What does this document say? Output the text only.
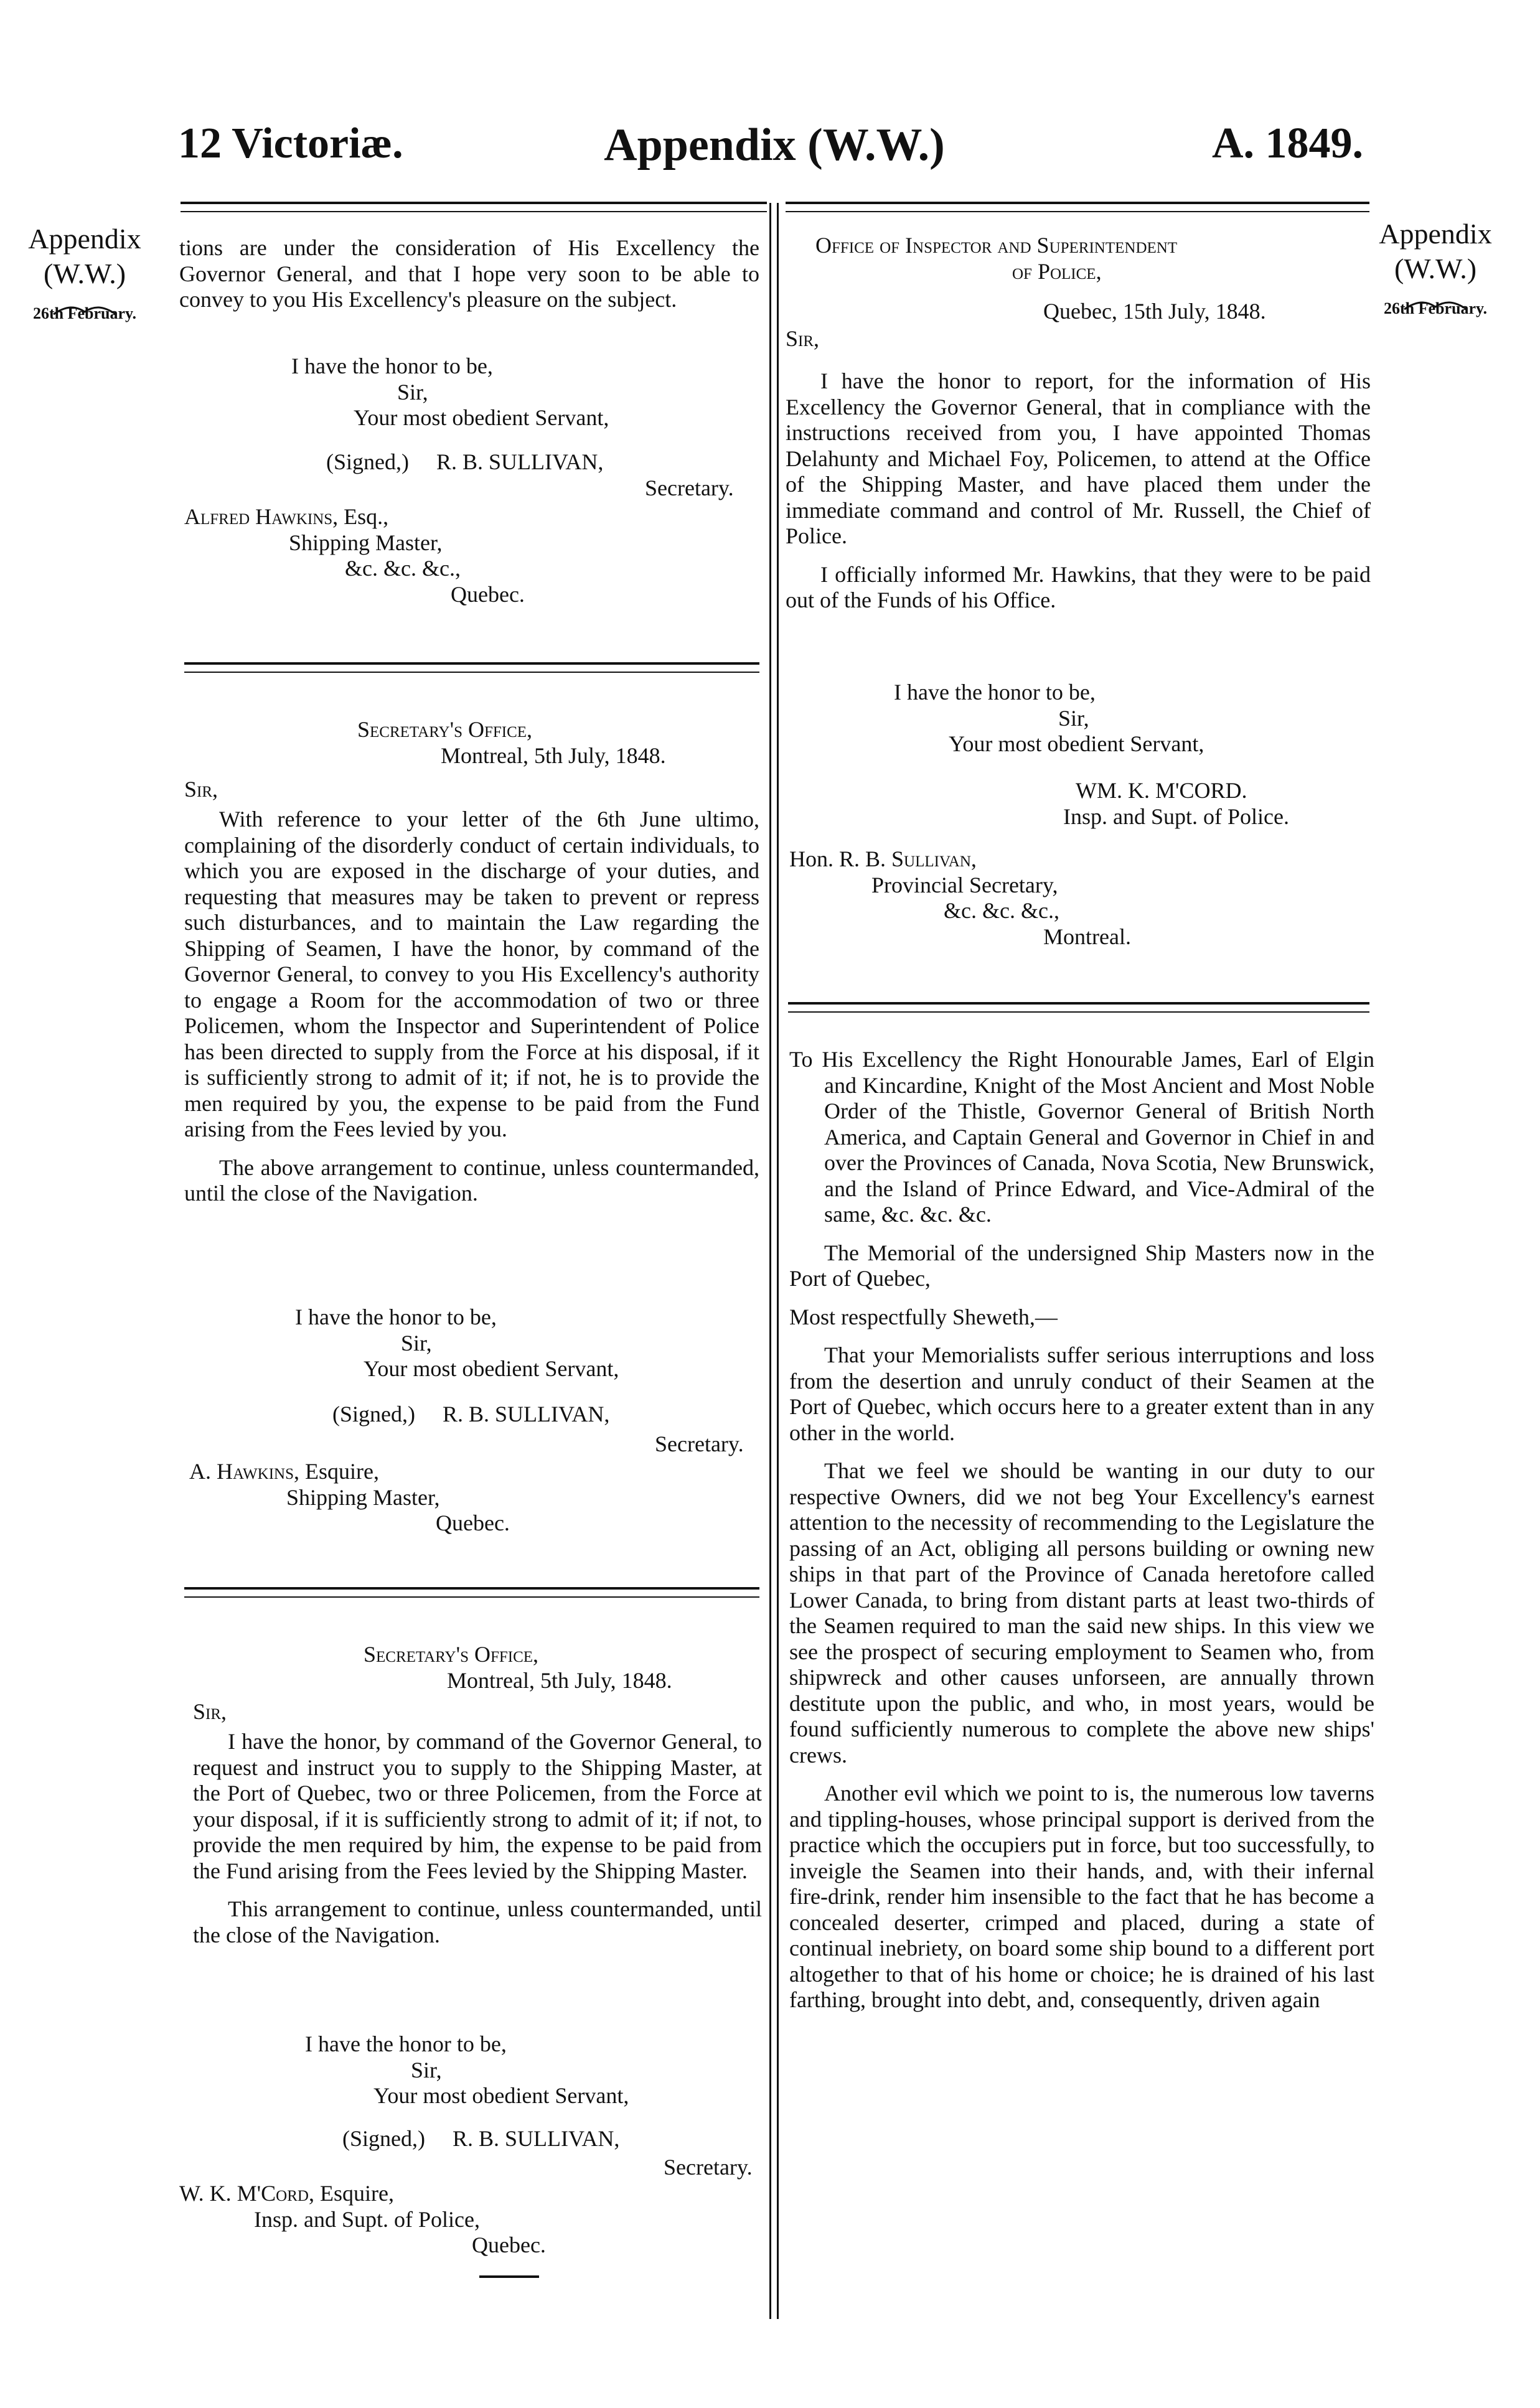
12 Victoriæ.	Appendix (W.W.)	A. 1849.
Appendix
(W.W.)
26th February.
Appendix
(W.W.)
26th February.

tions are under the consideration of His Excellency the Governor General, and that I hope very soon to be able to convey to you His Excellency's pleasure on the subject.

I have the honor to be,
Sir,
Your most obedient Servant,
(Signed,) R. B. SULLIVAN,
Secretary.
Alfred Hawkins, Esq.,
Shipping Master,
&c. &c. &c.,
Quebec.
Secretary's Office,
Montreal, 5th July, 1848.
Sir,

With reference to your letter of the 6th June ultimo, complaining of the disorderly conduct of certain individuals, to which you are exposed in the discharge of your duties, and requesting that measures may be taken to prevent or repress such disturbances, and to maintain the Law regarding the Shipping of Seamen, I have the honor, by command of the Governor General, to convey to you His Excellency's authority to engage a Room for the accommodation of two or three Policemen, whom the Inspector and Superintendent of Police has been directed to supply from the Force at his disposal, if it is sufficiently strong to admit of it; if not, he is to provide the men required by you, the expense to be paid from the Fund arising from the Fees levied by you.

The above arrangement to continue, unless countermanded, until the close of the Navigation.

I have the honor to be,
Sir,
Your most obedient Servant,
(Signed,) R. B. SULLIVAN,
Secretary.
A. Hawkins, Esquire,
Shipping Master,
Quebec.
Secretary's Office,
Montreal, 5th July, 1848.
Sir,

I have the honor, by command of the Governor General, to request and instruct you to supply to the Shipping Master, at the Port of Quebec, two or three Policemen, from the Force at your disposal, if it is sufficiently strong to admit of it; if not, to provide the men required by him, the expense to be paid from the Fund arising from the Fees levied by the Shipping Master.

This arrangement to continue, unless countermanded, until the close of the Navigation.

I have the honor to be,
Sir,
Your most obedient Servant,
(Signed,) R. B. SULLIVAN,
Secretary.
W. K. M'Cord, Esquire,
Insp. and Supt. of Police,
Quebec.
Office of Inspector and Superintendent
of Police,
Quebec, 15th July, 1848.
Sir,

I have the honor to report, for the information of His Excellency the Governor General, that in compliance with the instructions received from you, I have appointed Thomas Delahunty and Michael Foy, Policemen, to attend at the Office of the Shipping Master, and have placed them under the immediate command and control of Mr. Russell, the Chief of Police.

I officially informed Mr. Hawkins, that they were to be paid out of the Funds of his Office.

I have the honor to be,
Sir,
Your most obedient Servant,
WM. K. M'CORD.
Insp. and Supt. of Police.
Hon. R. B. Sullivan,
Provincial Secretary,
&c. &c. &c.,
Montreal.

To His Excellency the Right Honourable James, Earl of Elgin and Kincardine, Knight of the Most Ancient and Most Noble Order of the Thistle, Governor General of British North America, and Captain General and Governor in Chief in and over the Provinces of Canada, Nova Scotia, New Brunswick, and the Island of Prince Edward, and Vice-Admiral of the same, &c. &c. &c.

The Memorial of the undersigned Ship Masters now in the Port of Quebec,

Most respectfully Sheweth,—

That your Memorialists suffer serious interruptions and loss from the desertion and unruly conduct of their Seamen at the Port of Quebec, which occurs here to a greater extent than in any other in the world.

That we feel we should be wanting in our duty to our respective Owners, did we not beg Your Excellency's earnest attention to the necessity of recommending to the Legislature the passing of an Act, obliging all persons building or owning new ships in that part of the Province of Canada heretofore called Lower Canada, to bring from distant parts at least two-thirds of the Seamen required to man the said new ships. In this view we see the prospect of securing employment to Seamen who, from shipwreck and other causes unforseen, are annually thrown destitute upon the public, and who, in most years, would be found sufficiently numerous to complete the above new ships' crews.

Another evil which we point to is, the numerous low taverns and tippling-houses, whose principal support is derived from the practice which the occupiers put in force, but too successfully, to inveigle the Seamen into their hands, and, with their infernal fire-drink, render him insensible to the fact that he has become a concealed deserter, crimped and placed, during a state of continual inebriety, on board some ship bound to a different port altogether to that of his home or choice; he is drained of his last farthing, brought into debt, and, consequently, driven again
